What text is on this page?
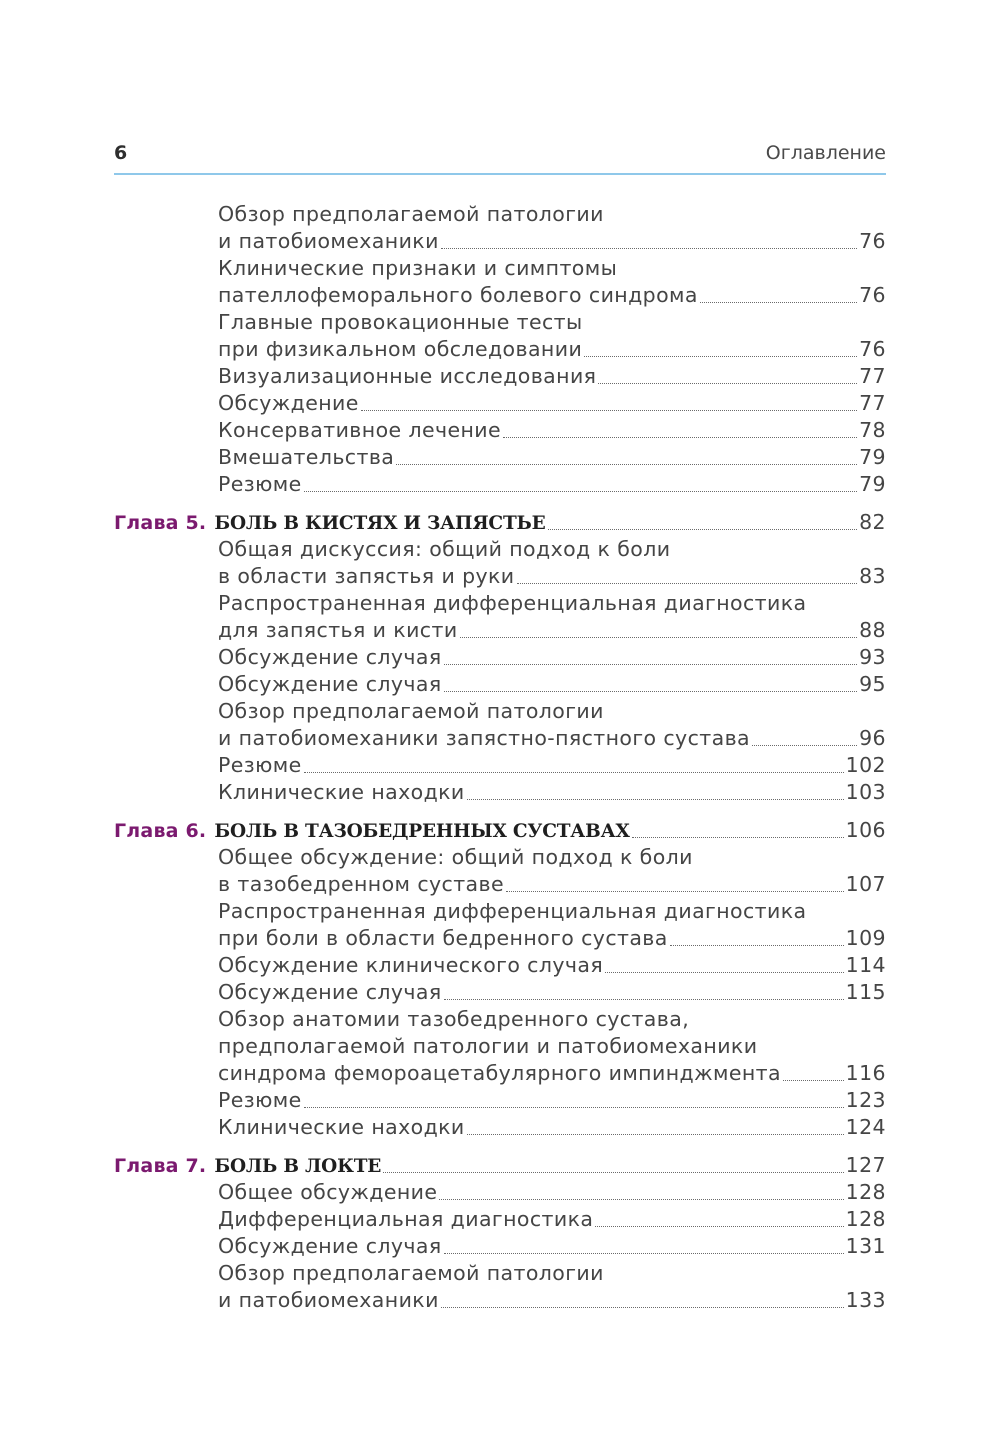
6	Оглавление
Обзор предполагаемой патологии
и патобиомеханики	76
Клинические признаки и симптомы
пателлофеморального болевого синдрома	76
Главные провокационные тесты
при физикальном обследовании	76
Визуализационные исследования	77
Обсуждение	77
Консервативное лечение	78
Вмешательства	79
Резюме	79
Глава 5. БОЛЬ В КИСТЯХ И ЗАПЯСТЬЕ	82
Общая дискуссия: общий подход к боли
в области запястья и руки	83
Распространенная дифференциальная диагностика
для запястья и кисти	88
Обсуждение случая	93
Обсуждение случая	95
Обзор предполагаемой патологии
и патобиомеханики запястно-пястного сустава	96
Резюме	102
Клинические находки	103
Глава 6. БОЛЬ В ТАЗОБЕДРЕННЫХ СУСТАВАХ	106
Общее обсуждение: общий подход к боли
в тазобедренном суставе	107
Распространенная дифференциальная диагностика
при боли в области бедренного сустава	109
Обсуждение клинического случая	114
Обсуждение случая	115
Обзор анатомии тазобедренного сустава,
предполагаемой патологии и патобиомеханики
синдрома фемороацетабулярного импинджмента	116
Резюме	123
Клинические находки	124
Глава 7. БОЛЬ В ЛОКТЕ	127
Общее обсуждение	128
Дифференциальная диагностика	128
Обсуждение случая	131
Обзор предполагаемой патологии
и патобиомеханики	133
